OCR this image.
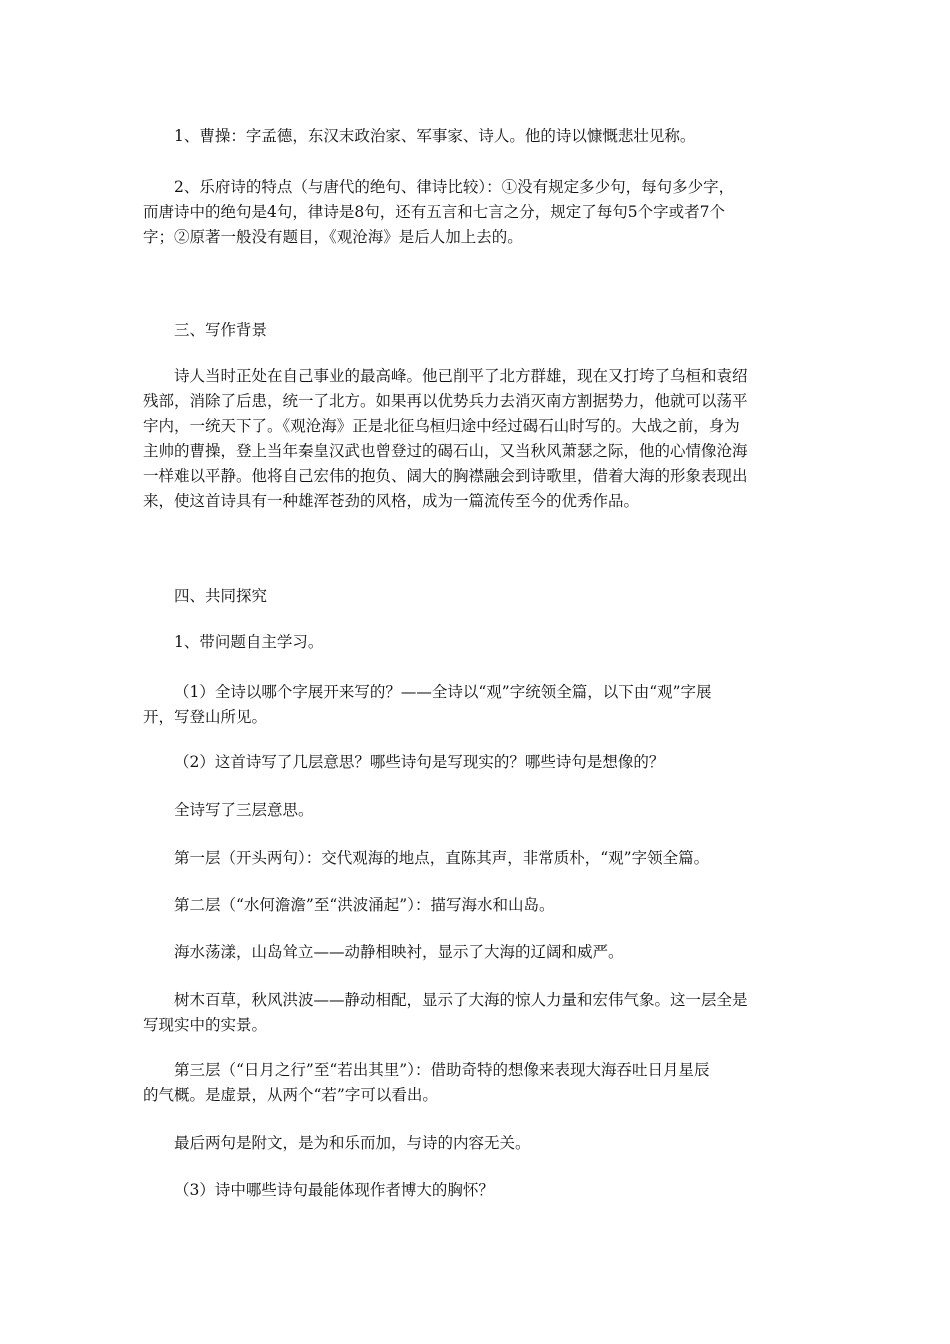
1、曹操：字孟德，东汉末政治家、军事家、诗人。他的诗以慷慨悲壮见称。

2、乐府诗的特点（与唐代的绝句、律诗比较）：①没有规定多少句，每句多少字，
而唐诗中的绝句是4句，律诗是8句，还有五言和七言之分，规定了每句5个字或者7个
字；②原著一般没有题目，《观沧海》是后人加上去的。

三、写作背景

诗人当时正处在自己事业的最高峰。他已削平了北方群雄，现在又打垮了乌桓和袁绍
残部，消除了后患，统一了北方。如果再以优势兵力去消灭南方割据势力，他就可以荡平
宇内，一统天下了。《观沧海》正是北征乌桓归途中经过碣石山时写的。大战之前，身为
主帅的曹操，登上当年秦皇汉武也曾登过的碣石山，又当秋风萧瑟之际，他的心情像沧海
一样难以平静。他将自己宏伟的抱负、阔大的胸襟融会到诗歌里，借着大海的形象表现出
来，使这首诗具有一种雄浑苍劲的风格，成为一篇流传至今的优秀作品。

四、共同探究

1、带问题自主学习。

（1）全诗以哪个字展开来写的？——全诗以“观”字统领全篇，以下由“观”字展
开，写登山所见。

（2）这首诗写了几层意思？哪些诗句是写现实的？哪些诗句是想像的？

全诗写了三层意思。

第一层（开头两句）：交代观海的地点，直陈其声，非常质朴，“观”字领全篇。

第二层（“水何澹澹”至“洪波涌起”）：描写海水和山岛。

海水荡漾，山岛耸立——动静相映衬，显示了大海的辽阔和威严。

树木百草，秋风洪波——静动相配，显示了大海的惊人力量和宏伟气象。这一层全是
写现实中的实景。

第三层（“日月之行”至“若出其里”）：借助奇特的想像来表现大海吞吐日月星辰
的气概。是虚景，从两个“若”字可以看出。

最后两句是附文，是为和乐而加，与诗的内容无关。

（3）诗中哪些诗句最能体现作者博大的胸怀？
